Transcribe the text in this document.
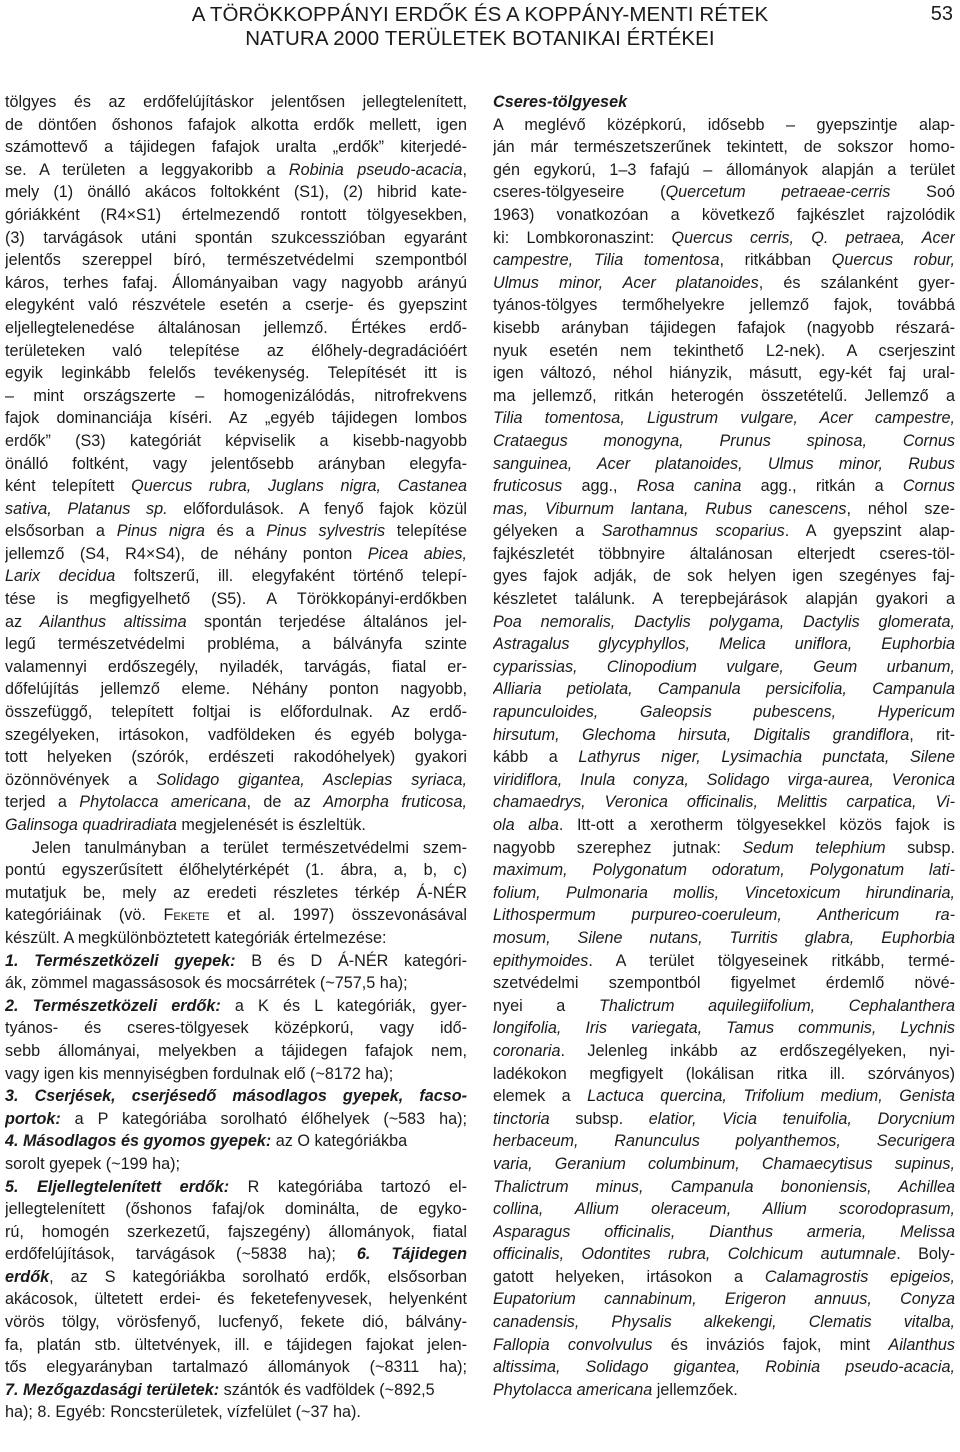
A TÖRÖKKOPPÁNYI ERDŐK ÉS A KOPPÁNY-MENTI RÉTEK
NATURA 2000 TERÜLETEK BOTANIKAI ÉRTÉKEI
53
tölgyes és az erdőfelújításkor jelentősen jellegtelenített,
de döntően őshonos fafajok alkotta erdők mellett, igen
számottevő a tájidegen fafajok uralta „erdők” kiterjedé-
se. A területen a leggyakoribb a Robinia pseudo-acacia,
mely (1) önálló akácos foltokként (S1), (2) hibrid kate-
góriákként (R4×S1) értelmezendő rontott tölgyesekben,
(3) tarvágások utáni spontán szukcesszióban egyaránt
jelentős szereppel bíró, természetvédelmi szempontból
káros, terhes fafaj. Állományaiban vagy nagyobb arányú
elegyként való részvétele esetén a cserje- és gyepszint
eljellegtelenedése általánosan jellemző. Értékes erdő-
területeken való telepítése az élőhely-degradációért
egyik leginkább felelős tevékenység. Telepítését itt is
– mint országszerte – homogenizálódás, nitrofrekvens
fajok dominanciája kíséri. Az „egyéb tájidegen lombos
erdők” (S3) kategóriát képviselik a kisebb-nagyobb
önálló foltként, vagy jelentősebb arányban elegyfa-
ként telepített Quercus rubra, Juglans nigra, Castanea
sativa, Platanus sp. előfordulások. A fenyő fajok közül
elsősorban a Pinus nigra és a Pinus sylvestris telepítése
jellemző (S4, R4×S4), de néhány ponton Picea abies,
Larix decidua foltszerű, ill. elegyfaként történő telepí-
tése is megfigyelhető (S5). A Törökkopányi-erdőkben
az Ailanthus altissima spontán terjedése általános jel-
legű természetvédelmi probléma, a bálványfa szinte
valamennyi erdőszegély, nyiladék, tarvágás, fiatal er-
dőfelújítás jellemző eleme. Néhány ponton nagyobb,
összefüggő, telepített foltjai is előfordulnak. Az erdő-
szegélyeken, irtásokon, vadföldeken és egyéb bolyga-
tott helyeken (szórók, erdészeti rakodóhelyek) gyakori
özönnövények a Solidago gigantea, Asclepias syriaca,
terjed a Phytolacca americana, de az Amorpha fruticosa,
Galinsoga quadriradiata megjelenését is észleltük.
Jelen tanulmányban a terület természetvédelmi szem-
pontú egyszerűsített élőhelytérképét (1. ábra, a, b, c)
mutatjuk be, mely az eredeti részletes térkép Á-NÉR
kategóriáinak (vö. Fekete et al. 1997) összevonásával
készült. A megkülönböztetett kategóriák értelmezése:
1. Természetközeli gyepek: B és D Á-NÉR kategóri-
ák, zömmel magassásosok és mocsárrétek (~757,5 ha);
2. Természetközeli erdők: a K és L kategóriák, gyer-
tyános- és cseres-tölgyesek középkorú, vagy idő-
sebb állományai, melyekben a tájidegen fafajok nem,
vagy igen kis mennyiségben fordulnak elő (~8172 ha);
3. Cserjések, cserjésedő másodlagos gyepek, facso-
portok: a P kategóriába sorolható élőhelyek (~583 ha);
4. Másodlagos és gyomos gyepek: az O kategóriákba
sorolt gyepek (~199 ha);
5. Eljellegtelenített erdők: R kategóriába tartozó el-
jellegtelenített (őshonos fafaj/ok dominálta, de egyko-
rú, homogén szerkezetű, fajszegény) állományok, fiatal
erdőfelújítások, tarvágások (~5838 ha); 6. Tájidegen
erdők, az S kategóriákba sorolható erdők, elsősorban
akácosok, ültetett erdei- és feketefenyvesek, helyenként
vörös tölgy, vörösfenyő, lucfenyő, fekete dió, bálvány-
fa, platán stb. ültetvények, ill. e tájidegen fajokat jelen-
tős elegyarányban tartalmazó állományok (~8311 ha);
7. Mezőgazdasági területek: szántók és vadföldek (~892,5
ha); 8. Egyéb: Roncsterületek, vízfelület (~37 ha).
Cseres-tölgyesek
A meglévő középkorú, idősebb – gyepszintje alap-
ján már természetszerűnek tekintett, de sokszor homo-
gén egykorú, 1–3 fafajú – állományok alapján a terület
cseres-tölgyeseire (Quercetum petraeae-cerris Soó
1963) vonatkozóan a következő fajkészlet rajzolódik
ki: Lombkoronaszint: Quercus cerris, Q. petraea, Acer
campestre, Tilia tomentosa, ritkábban Quercus robur,
Ulmus minor, Acer platanoides, és szálanként gyer-
tyános-tölgyes termőhelyekre jellemző fajok, továbbá
kisebb arányban tájidegen fafajok (nagyobb részará-
nyuk esetén nem tekinthető L2-nek). A cserjeszint
igen változó, néhol hiányzik, másutt, egy-két faj ural-
ma jellemző, ritkán heterogén összetételű. Jellemző a
Tilia tomentosa, Ligustrum vulgare, Acer campestre,
Crataegus monogyna, Prunus spinosa, Cornus
sanguinea, Acer platanoides, Ulmus minor, Rubus
fruticosus agg., Rosa canina agg., ritkán a Cornus
mas, Viburnum lantana, Rubus canescens, néhol sze-
gélyeken a Sarothamnus scoparius. A gyepszint alap-
fajkészletét többnyire általánosan elterjedt cseres-töl-
gyes fajok adják, de sok helyen igen szegényes faj-
készletet találunk. A terepbejárások alapján gyakori a
Poa nemoralis, Dactylis polygama, Dactylis glomerata,
Astragalus glycyphyllos, Melica uniflora, Euphorbia
cyparissias, Clinopodium vulgare, Geum urbanum,
Alliaria petiolata, Campanula persicifolia, Campanula
rapunculoides, Galeopsis pubescens, Hypericum
hirsutum, Glechoma hirsuta, Digitalis grandiflora, rit-
kább a Lathyrus niger, Lysimachia punctata, Silene
viridiflora, Inula conyza, Solidago virga-aurea, Veronica
chamaedrys, Veronica officinalis, Melittis carpatica, Vi-
ola alba. Itt-ott a xerotherm tölgyesekkel közös fajok is
nagyobb szerephez jutnak: Sedum telephium subsp.
maximum, Polygonatum odoratum, Polygonatum lati-
folium, Pulmonaria mollis, Vincetoxicum hirundinaria,
Lithospermum purpureo-coeruleum, Anthericum ra-
mosum, Silene nutans, Turritis glabra, Euphorbia
epithymoides. A terület tölgyeseinek ritkább, termé-
szetvédelmi szempontból figyelmet érdemlő növé-
nyei a Thalictrum aquilegiifolium, Cephalanthera
longifolia, Iris variegata, Tamus communis, Lychnis
coronaria. Jelenleg inkább az erdőszegélyeken, nyi-
ladékokon megfigyelt (lokálisan ritka ill. szórványos)
elemek a Lactuca quercina, Trifolium medium, Genista
tinctoria subsp. elatior, Vicia tenuifolia, Dorycnium
herbaceum, Ranunculus polyanthemos, Securigera
varia, Geranium columbinum, Chamaecytisus supinus,
Thalictrum minus, Campanula bononiensis, Achillea
collina, Allium oleraceum, Allium scorodoprasum,
Asparagus officinalis, Dianthus armeria, Melissa
officinalis, Odontites rubra, Colchicum autumnale. Boly-
gatott helyeken, irtásokon a Calamagrostis epigeios,
Eupatorium cannabinum, Erigeron annuus, Conyza
canadensis, Physalis alkekengi, Clematis vitalba,
Fallopia convolvulus és inváziós fajok, mint Ailanthus
altissima, Solidago gigantea, Robinia pseudo-acacia,
Phytolacca americana jellemzőek.
